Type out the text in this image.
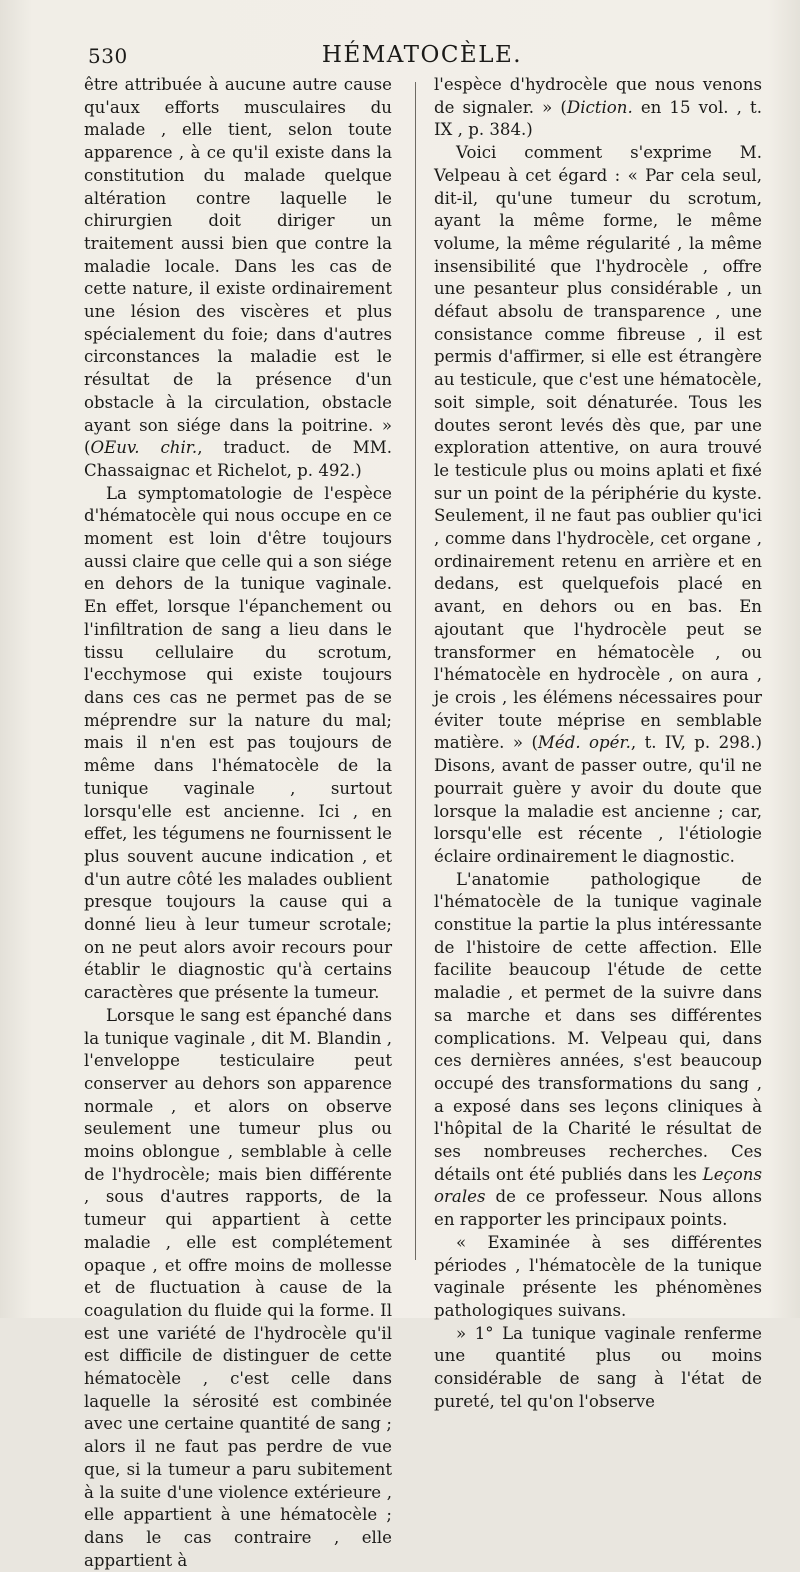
530	HÉMATOCÈLE.

être attribuée à aucune autre cause qu'aux efforts musculaires du malade , elle tient, selon toute apparence , à ce qu'il existe dans la constitution du malade quelque altération contre laquelle le chirurgien doit diriger un traitement aussi bien que contre la maladie locale. Dans les cas de cette nature, il existe ordinairement une lésion des viscères et plus spécialement du foie; dans d'autres circonstances la maladie est le résultat de la présence d'un obstacle à la circulation, obstacle ayant son siége dans la poitrine. » (OEuv. chir., traduct. de MM. Chassaignac et Richelot, p. 492.)

La symptomatologie de l'espèce d'hématocèle qui nous occupe en ce moment est loin d'être toujours aussi claire que celle qui a son siége en dehors de la tunique vaginale. En effet, lorsque l'épanchement ou l'infiltration de sang a lieu dans le tissu cellulaire du scrotum, l'ecchymose qui existe toujours dans ces cas ne permet pas de se méprendre sur la nature du mal; mais il n'en est pas toujours de même dans l'hématocèle de la tunique vaginale , surtout lorsqu'elle est ancienne. Ici , en effet, les tégumens ne fournissent le plus souvent aucune indication , et d'un autre côté les malades oublient presque toujours la cause qui a donné lieu à leur tumeur scrotale; on ne peut alors avoir recours pour établir le diagnostic qu'à certains caractères que présente la tumeur.

Lorsque le sang est épanché dans la tunique vaginale , dit M. Blandin , l'enveloppe testiculaire peut conserver au dehors son apparence normale , et alors on observe seulement une tumeur plus ou moins oblongue , semblable à celle de l'hydrocèle; mais bien différente , sous d'autres rapports, de la tumeur qui appartient à cette maladie , elle est complétement opaque , et offre moins de mollesse et de fluctuation à cause de la coagulation du fluide qui la forme. Il est une variété de l'hydrocèle qu'il est difficile de distinguer de cette hématocèle , c'est celle dans laquelle la sérosité est combinée avec une certaine quantité de sang ; alors il ne faut pas perdre de vue que, si la tumeur a paru subitement à la suite d'une violence extérieure , elle appartient à une hématocèle ; dans le cas contraire , elle appartient à

l'espèce d'hydrocèle que nous venons de signaler. » (Diction. en 15 vol. , t. IX , p. 384.)

Voici comment s'exprime M. Velpeau à cet égard : « Par cela seul, dit-il, qu'une tumeur du scrotum, ayant la même forme, le même volume, la même régularité , la même insensibilité que l'hydrocèle , offre une pesanteur plus considérable , un défaut absolu de transparence , une consistance comme fibreuse , il est permis d'affirmer, si elle est étrangère au testicule, que c'est une hématocèle, soit simple, soit dénaturée. Tous les doutes seront levés dès que, par une exploration attentive, on aura trouvé le testicule plus ou moins aplati et fixé sur un point de la périphérie du kyste. Seulement, il ne faut pas oublier qu'ici , comme dans l'hydrocèle, cet organe , ordinairement retenu en arrière et en dedans, est quelquefois placé en avant, en dehors ou en bas. En ajoutant que l'hydrocèle peut se transformer en hématocèle , ou l'hématocèle en hydrocèle , on aura , je crois , les élémens nécessaires pour éviter toute méprise en semblable matière. » (Méd. opér., t. IV, p. 298.) Disons, avant de passer outre, qu'il ne pourrait guère y avoir du doute que lorsque la maladie est ancienne ; car, lorsqu'elle est récente , l'étiologie éclaire ordinairement le diagnostic.

L'anatomie pathologique de l'hématocèle de la tunique vaginale constitue la partie la plus intéressante de l'histoire de cette affection. Elle facilite beaucoup l'étude de cette maladie , et permet de la suivre dans sa marche et dans ses différentes complications. M. Velpeau qui, dans ces dernières années, s'est beaucoup occupé des transformations du sang , a exposé dans ses leçons cliniques à l'hôpital de la Charité le résultat de ses nombreuses recherches. Ces détails ont été publiés dans les Leçons orales de ce professeur. Nous allons en rapporter les principaux points.

« Examinée à ses différentes périodes , l'hématocèle de la tunique vaginale présente les phénomènes pathologiques suivans.

» 1° La tunique vaginale renferme une quantité plus ou moins considérable de sang à l'état de pureté, tel qu'on l'observe
